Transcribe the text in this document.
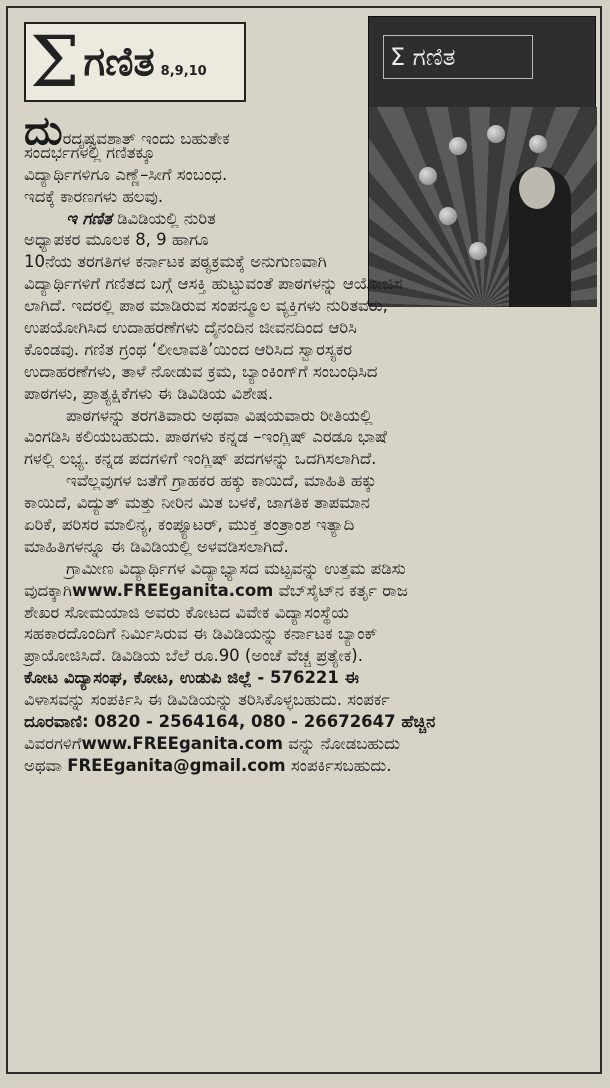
Σ ಗಣಿತ 8,9,10	Σ ಗಣಿತ
ದುರದೃಷ್ಟವಶಾತ್ ಇಂದು ಬಹುತೇಕ
ಸಂದರ್ಭಗಳಲ್ಲಿ ಗಣಿತಕ್ಕೂ
ವಿದ್ಯಾರ್ಥಿಗಳಿಗೂ ಎಣ್ಣೆ–ಸೀಗೆ ಸಂಬಂಧ.
ಇದಕ್ಕೆ ಕಾರಣಗಳು ಹಲವು.
ಇ ಗಣಿತ ಡಿವಿಡಿಯಲ್ಲಿ ನುರಿತ
ಅಧ್ಯಾಪಕರ ಮೂಲಕ 8, 9 ಹಾಗೂ
10ನೆಯ ತರಗತಿಗಳ ಕರ್ನಾಟಕ ಪಠ್ಯಕ್ರಮಕ್ಕೆ ಅನುಗುಣವಾಗಿ
ವಿದ್ಯಾರ್ಥಿಗಳಿಗೆ ಗಣಿತದ ಬಗ್ಗೆ ಆಸಕ್ತಿ ಹುಟ್ಟುವಂತೆ ಪಾಠಗಳನ್ನು ಆಯೋಜಿಸ
ಲಾಗಿದೆ. ಇದರಲ್ಲಿ ಪಾಠ ಮಾಡಿರುವ ಸಂಪನ್ಮೂಲ ವ್ಯಕ್ತಿಗಳು ನುರಿತವರು,
ಉಪಯೋಗಿಸಿದ ಉದಾಹರಣೆಗಳು ದೈನಂದಿನ ಜೀವನದಿಂದ ಆರಿಸಿ
ಕೊಂಡವು. ಗಣಿತ ಗ್ರಂಥ ‘ಲೀಲಾವತಿ’ಯಿಂದ ಆರಿಸಿದ ಸ್ವಾರಸ್ಯಕರ
ಉದಾಹರಣೆಗಳು, ತಾಳೆ ನೋಡುವ ಕ್ರಮ, ಬ್ಯಾಂಕಿಂಗ್‌ಗೆ ಸಂಬಂಧಿಸಿದ
ಪಾಠಗಳು, ಪ್ರಾತ್ಯಕ್ಷಿಕೆಗಳು ಈ ಡಿವಿಡಿಯ ವಿಶೇಷ.
ಪಾಠಗಳನ್ನು ತರಗತಿವಾರು ಅಥವಾ ವಿಷಯವಾರು ರೀತಿಯಲ್ಲಿ
ವಿಂಗಡಿಸಿ ಕಲಿಯಬಹುದು. ಪಾಠಗಳು ಕನ್ನಡ –ಇಂಗ್ಲಿಷ್ ಎರಡೂ ಭಾಷೆ
ಗಳಲ್ಲಿ ಲಭ್ಯ. ಕನ್ನಡ ಪದಗಳಿಗೆ ಇಂಗ್ಲಿಷ್ ಪದಗಳನ್ನು ಒದಗಿಸಲಾಗಿದೆ.
ಇವೆಲ್ಲವುಗಳ ಜತೆಗೆ ಗ್ರಾಹಕರ ಹಕ್ಕು ಕಾಯಿದೆ, ಮಾಹಿತಿ ಹಕ್ಕು
ಕಾಯಿದೆ, ವಿದ್ಯುತ್ ಮತ್ತು ನೀರಿನ ಮಿತ ಬಳಕೆ, ಜಾಗತಿಕ ತಾಪಮಾನ
ಏರಿಕೆ, ಪರಿಸರ ಮಾಲಿನ್ಯ, ಕಂಪ್ಯೂಟರ್, ಮುಕ್ತ ತಂತ್ರಾಂಶ ಇತ್ಯಾದಿ
ಮಾಹಿತಿಗಳನ್ನೂ ಈ ಡಿವಿಡಿಯಲ್ಲಿ ಅಳವಡಿಸಲಾಗಿದೆ.
ಗ್ರಾಮೀಣ ವಿದ್ಯಾರ್ಥಿಗಳ ವಿದ್ಯಾಭ್ಯಾಸದ ಮಟ್ಟವನ್ನು ಉತ್ತಮ ಪಡಿಸು
ವುದಕ್ಕಾಗಿwww.FREEganita.com ವೆಬ್‌ಸೈಟ್‌ನ ಕರ್ತೃ ರಾಜ
ಶೇಖರ ಸೋಮಯಾಜಿ ಅವರು ಕೋಟದ ವಿವೇಕ ವಿದ್ಯಾಸಂಸ್ಥೆಯ
ಸಹಕಾರದೊಂದಿಗೆ ನಿರ್ಮಿಸಿರುವ ಈ ಡಿವಿಡಿಯನ್ನು ಕರ್ನಾಟಕ ಬ್ಯಾಂಕ್
ಪ್ರಾಯೋಜಿಸಿದೆ. ಡಿವಿಡಿಯ ಬೆಲೆ ರೂ.90 (ಅಂಚೆ ವೆಚ್ಚ ಪ್ರತ್ಯೇಕ).
ಕೋಟ ವಿದ್ಯಾಸಂಘ, ಕೋಟ, ಉಡುಪಿ ಜಿಲ್ಲೆ - 576221 ಈ
ವಿಳಾಸವನ್ನು ಸಂಪರ್ಕಿಸಿ ಈ ಡಿವಿಡಿಯನ್ನು ತರಿಸಿಕೊಳ್ಳಬಹುದು. ಸಂಪರ್ಕ
ದೂರವಾಣಿ: 0820 - 2564164, 080 - 26672647 ಹೆಚ್ಚಿನ
ವಿವರಗಳಿಗೆwww.FREEganita.com ವನ್ನು ನೋಡಬಹುದು
ಅಥವಾ FREEganita@gmail.com ಸಂಪರ್ಕಿಸಬಹುದು.
